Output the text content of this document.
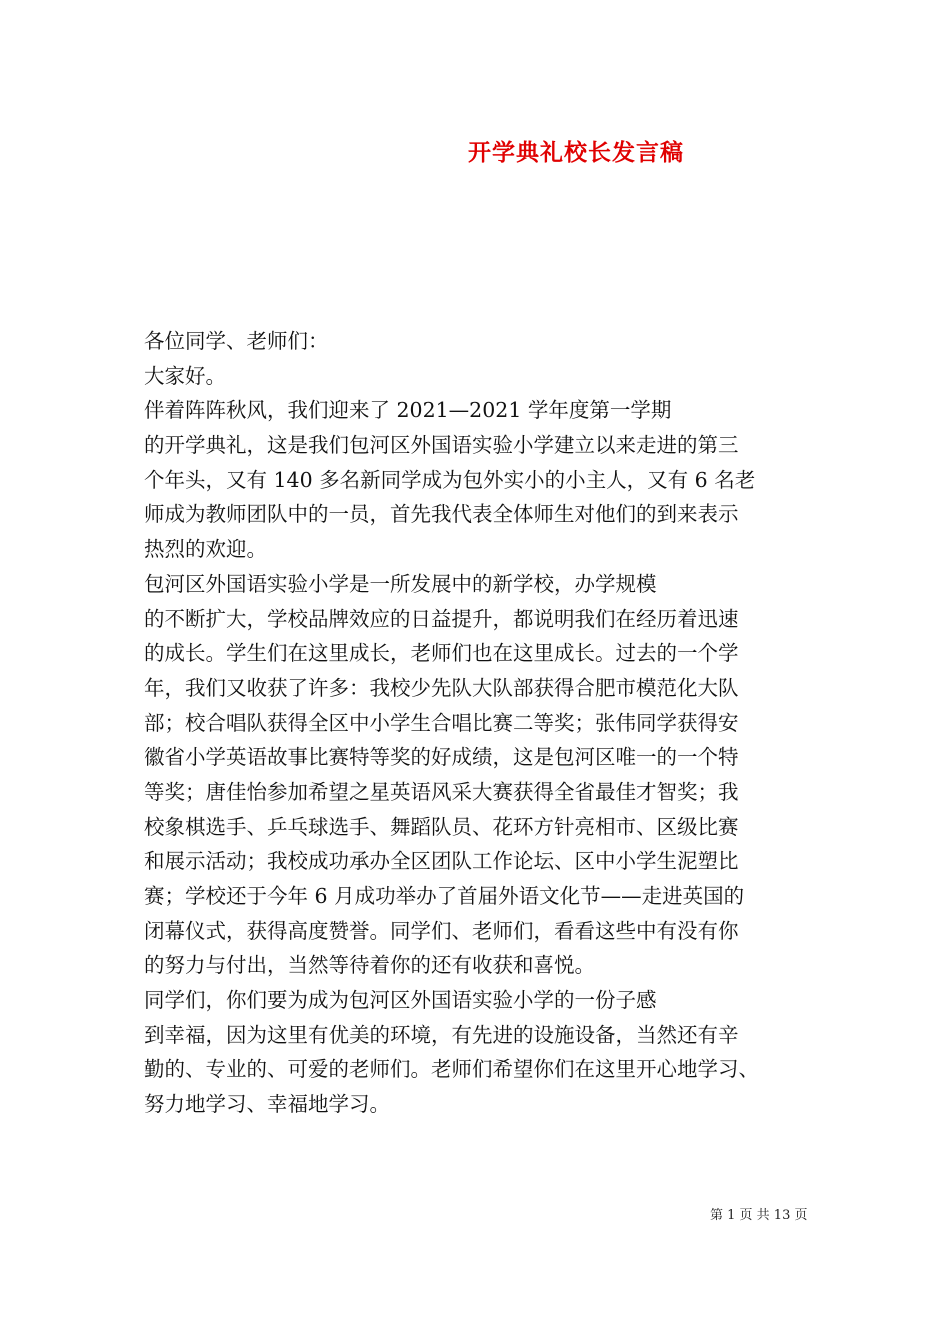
开学典礼校长发言稿
各位同学、老师们：
大家好。
伴着阵阵秋风，我们迎来了 2021—2021 学年度第一学期
的开学典礼，这是我们包河区外国语实验小学建立以来走进的第三
个年头，又有 140 多名新同学成为包外实小的小主人，又有 6 名老
师成为教师团队中的一员，首先我代表全体师生对他们的到来表示
热烈的欢迎。
包河区外国语实验小学是一所发展中的新学校，办学规模
的不断扩大，学校品牌效应的日益提升，都说明我们在经历着迅速
的成长。学生们在这里成长，老师们也在这里成长。过去的一个学
年，我们又收获了许多：我校少先队大队部获得合肥市模范化大队
部；校合唱队获得全区中小学生合唱比赛二等奖；张伟同学获得安
徽省小学英语故事比赛特等奖的好成绩，这是包河区唯一的一个特
等奖；唐佳怡参加希望之星英语风采大赛获得全省最佳才智奖；我
校象棋选手、乒乓球选手、舞蹈队员、花环方针亮相市、区级比赛
和展示活动；我校成功承办全区团队工作论坛、区中小学生泥塑比
赛；学校还于今年 6 月成功举办了首届外语文化节——走进英国的
闭幕仪式，获得高度赞誉。同学们、老师们，看看这些中有没有你
的努力与付出，当然等待着你的还有收获和喜悦。
同学们，你们要为成为包河区外国语实验小学的一份子感
到幸福，因为这里有优美的环境，有先进的设施设备，当然还有辛
勤的、专业的、可爱的老师们。老师们希望你们在这里开心地学习、
努力地学习、幸福地学习。
第 1 页 共 13 页
